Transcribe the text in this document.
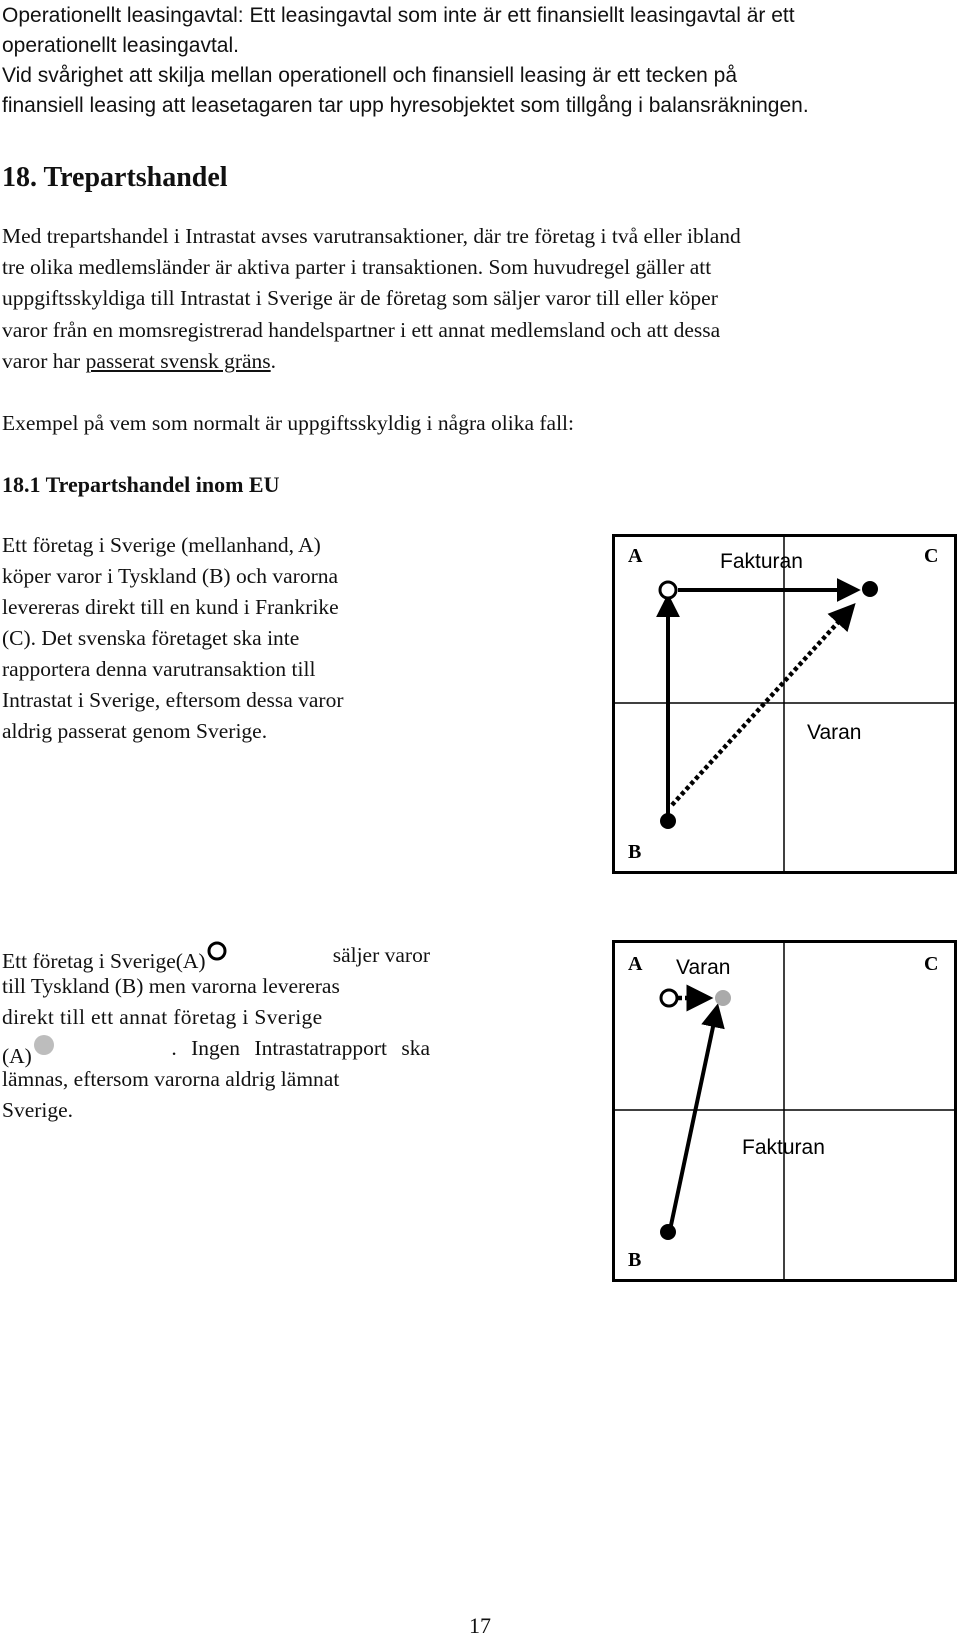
Operationellt leasingavtal: Ett leasingavtal som inte är ett finansiellt leasingavtal är ett

operationellt leasingavtal.

Vid svårighet att skilja mellan operationell och finansiell leasing är ett tecken på

finansiell leasing att leasetagaren tar upp hyresobjektet som tillgång i balansräkningen.

18. Trepartshandel

Med trepartshandel i Intrastat avses varutransaktioner, där tre företag i två eller ibland

tre olika medlemsländer är aktiva parter i transaktionen. Som huvudregel gäller att

uppgiftsskyldiga till Intrastat i Sverige är de företag som säljer varor till eller köper

varor från en momsregistrerad handelspartner i ett annat medlemsland och att dessa

varor har passerat svensk gräns.

Exempel på vem som normalt är uppgiftsskyldig i några olika fall:

18.1 Trepartshandel inom EU

Ett företag i Sverige (mellanhand, A)

köper varor i Tyskland (B) och varorna

levereras direkt till en kund i Frankrike

(C). Det svenska företaget ska inte

rapportera denna varutransaktion till

Intrastat i Sverige, eftersom dessa varor

aldrig passerat genom Sverige.

A	C
B
Fakturan
Varan

Ett företag i Sverige(A)	säljer varor

till Tyskland (B) men varorna levereras

direkt till ett annat företag i Sverige

(A)	. Ingen Intrastatrapport ska

lämnas, eftersom varorna aldrig lämnat

Sverige.

A	C
B
Varan
Fakturan
17
